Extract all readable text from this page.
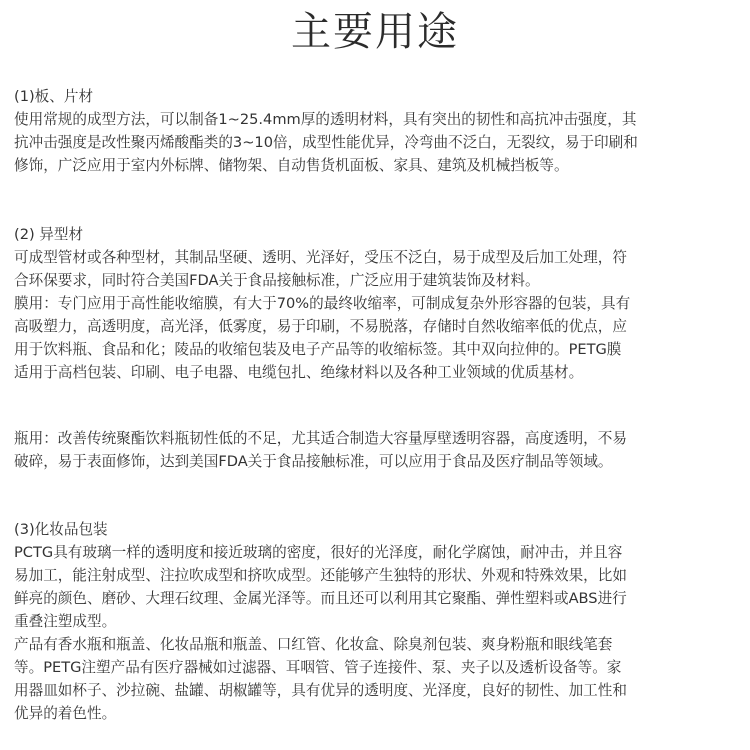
主要用途
(1)板、片材
使用常规的成型方法，可以制备1~25.4mm厚的透明材料，具有突出的韧性和高抗冲击强度，其
抗冲击强度是改性聚丙烯酸酯类的3~10倍，成型性能优异，冷弯曲不泛白，无裂纹，易于印刷和
修饰，广泛应用于室内外标牌、储物架、自动售货机面板、家具、建筑及机械挡板等。
(2) 异型材
可成型管材或各种型材，其制品坚硬、透明、光泽好，受压不泛白，易于成型及后加工处理，符
合环保要求，同时符合美国FDA关于食品接触标准，广泛应用于建筑装饰及材料。
膜用：专门应用于高性能收缩膜，有大于70%的最终收缩率，可制成复杂外形容器的包装，具有
高吸塑力，高透明度，高光泽，低雾度，易于印刷，不易脱落，存储时自然收缩率低的优点，应
用于饮料瓶、食品和化；陵品的收缩包装及电子产品等的收缩标签。其中双向拉伸的。PETG膜
适用于高档包装、印刷、电子电器、电缆包扎、绝缘材料以及各种工业领域的优质基材。
瓶用：改善传统聚酯饮料瓶韧性低的不足，尤其适合制造大容量厚壁透明容器，高度透明，不易
破碎，易于表面修饰，达到美国FDA关于食品接触标准，可以应用于食品及医疗制品等领域。
(3)化妆品包装
PCTG具有玻璃一样的透明度和接近玻璃的密度，很好的光泽度，耐化学腐蚀，耐冲击，并且容
易加工，能注射成型、注拉吹成型和挤吹成型。还能够产生独特的形状、外观和特殊效果，比如
鲜亮的颜色、磨砂、大理石纹理、金属光泽等。而且还可以利用其它聚酯、弹性塑料或ABS进行
重叠注塑成型。
产品有香水瓶和瓶盖、化妆品瓶和瓶盖、口红管、化妆盒、除臭剂包装、爽身粉瓶和眼线笔套
等。PETG注塑产品有医疗器械如过滤器、耳咽管、管子连接件、泵、夹子以及透析设备等。家
用器皿如杯子、沙拉碗、盐罐、胡椒罐等，具有优异的透明度、光泽度，良好的韧性、加工性和
优异的着色性。
